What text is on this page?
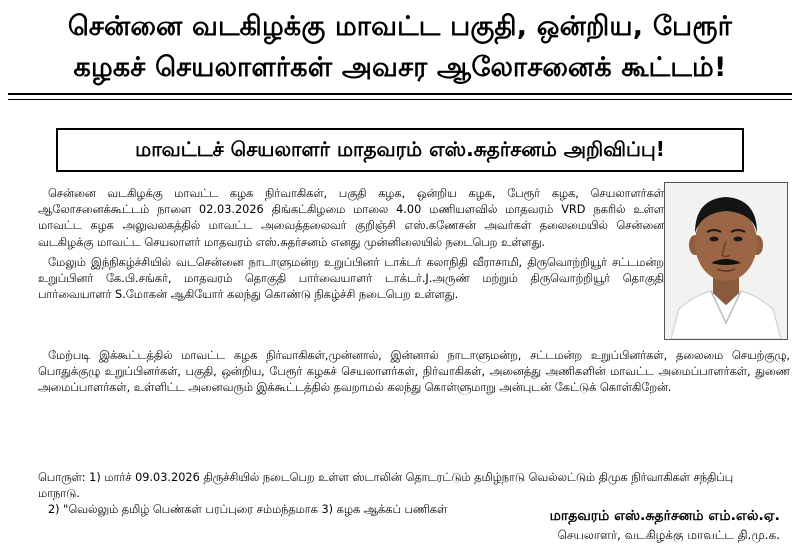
சென்னை வடகிழக்கு மாவட்ட பகுதி, ஒன்றிய, பேரூர்
கழகச் செயலாளர்கள் அவசர ஆலோசனைக் கூட்டம்!
மாவட்டச் செயலாளர் மாதவரம் எஸ்.சுதர்சனம் அறிவிப்பு!

சென்னை வடகிழக்கு மாவட்ட கழக நிர்வாகிகள், பகுதி கழக, ஒன்றிய கழக, பேரூர் கழக, செயலாளர்கள் ஆலோசனைக்கூட்டம் நாளை 02.03.2026 திங்கட்கிழமை மாலை 4.00 மணியளவில் மாதவரம் VRD நகரில் உள்ள மாவட்ட கழக அலுவலகத்தில் மாவட்ட அவைத்தலைவர் குறிஞ்சி எஸ்.கணேசன் அவர்கள் தலைமையில் சென்னை வடகிழக்கு மாவட்ட செயலாளர் மாதவரம் எஸ்.சுதர்சனம் எனது முன்னிலையில் நடைபெற உள்ளது.

மேலும் இந்நிகழ்ச்சியில் வடசென்னை நாடாளுமன்ற உறுப்பினர் டாக்டர் கலாநிதி வீராசாமி, திருவொற்றியூர் சட்டமன்ற உறுப்பினர் கே.பி.சங்கர், மாதவரம் தொகுதி பார்வையாளர் டாக்டர்.J.அருண் மற்றும் திருவொற்றியூர் தொகுதி பார்வையாளர் S.மோகன் ஆகியோர் கலந்து கொண்டு நிகழ்ச்சி நடைபெற உள்ளது.

மேற்படி இக்கூட்டத்தில் மாவட்ட கழக நிர்வாகிகள்,முன்னால், இன்னால் நாடாளுமன்ற, சட்டமன்ற உறுப்பினர்கள், தலைமை செயற்குழு, பொதுக்குழு உறுப்பினர்கள், பகுதி, ஒன்றிய, பேரூர் கழகச் செயலாளர்கள், நிர்வாகிகள், அனைத்து அணிகளின் மாவட்ட அமைப்பாளர்கள், துணை அமைப்பாளர்கள், உள்ளிட்ட அனைவரும் இக்கூட்டத்தில் தவறாமல் கலந்து கொள்ளுமாறு அன்புடன் கேட்டுக் கொள்கிறேன்.

பொருள்: 1) மார்ச் 09.03.2026 திருச்சியில் நடைபெற உள்ள ஸ்டாலின் தொடரட்டும் தமிழ்நாடு வெல்லட்டும் திமுக நிர்வாகிகள் சந்திப்பு மாநாடு.
2) "வெல்லும் தமிழ் பெண்கள் பரப்புரை சம்மந்தமாக 3) கழக ஆக்கப் பணிகள்	மாதவரம் எஸ்.சுதர்சனம் எம்.எல்.ஏ.
செயலாளர், வடகிழக்கு மாவட்ட தி.மு.க.
